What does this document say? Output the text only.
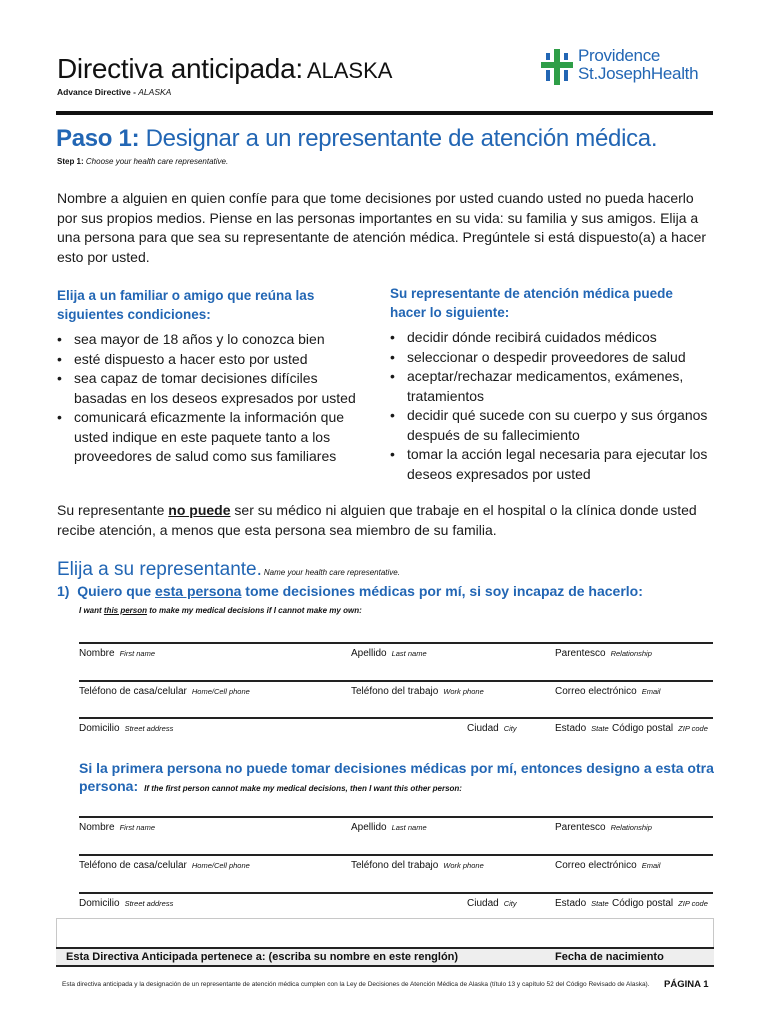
Directiva anticipada: ALASKA
Advance Directive - ALASKA
Providence
St.JosephHealth
Paso 1: Designar a un representante de atención médica.
Step 1: Choose your health care representative.

Nombre a alguien en quien confíe para que tome decisiones por usted cuando usted no pueda hacerlo por sus propios medios. Piense en las personas importantes en su vida: su familia y sus amigos. Elija a una persona para que sea su representante de atención médica. Pregúntele si está dispuesto(a) a hacer esto por usted.

Elija a un familiar o amigo que reúna las siguientes condiciones:
• sea mayor de 18 años y lo conozca bien
• esté dispuesto a hacer esto por usted
• sea capaz de tomar decisiones difíciles basadas en los deseos expresados por usted
• comunicará eficazmente la información que usted indique en este paquete tanto a los proveedores de salud como sus familiares
Su representante de atención médica puede hacer lo siguiente:
• decidir dónde recibirá cuidados médicos
• seleccionar o despedir proveedores de salud
• aceptar/rechazar medicamentos, exámenes, tratamientos
• decidir qué sucede con su cuerpo y sus órganos después de su fallecimiento
• tomar la acción legal necesaria para ejecutar los deseos expresados por usted

Su representante no puede ser su médico ni alguien que trabaje en el hospital o la clínica donde usted recibe atención, a menos que esta persona sea miembro de su familia.

Elija a su representante. Name your health care representative.
1) Quiero que esta persona tome decisiones médicas por mí, si soy incapaz de hacerlo:
I want this person to make my medical decisions if I cannot make my own:
Nombre First name	Apellido Last name	Parentesco Relationship
Teléfono de casa/celular Home/Cell phone	Teléfono del trabajo Work phone	Correo electrónico Email
Domicilio Street address	Ciudad City	Estado State Código postal ZIP code
Si la primera persona no puede tomar decisiones médicas por mí, entonces designo a esta otra persona: If the first person cannot make my medical decisions, then I want this other person:
Nombre First name	Apellido Last name	Parentesco Relationship
Teléfono de casa/celular Home/Cell phone	Teléfono del trabajo Work phone	Correo electrónico Email
Domicilio Street address	Ciudad City	Estado State Código postal ZIP code
Esta Directiva Anticipada pertenece a: (escriba su nombre en este renglón)	Fecha de nacimiento
Esta directiva anticipada y la designación de un representante de atención médica cumplen con la Ley de Decisiones de Atención Médica de Alaska (título 13 y capítulo 52 del Código Revisado de Alaska). PÁGINA 1
